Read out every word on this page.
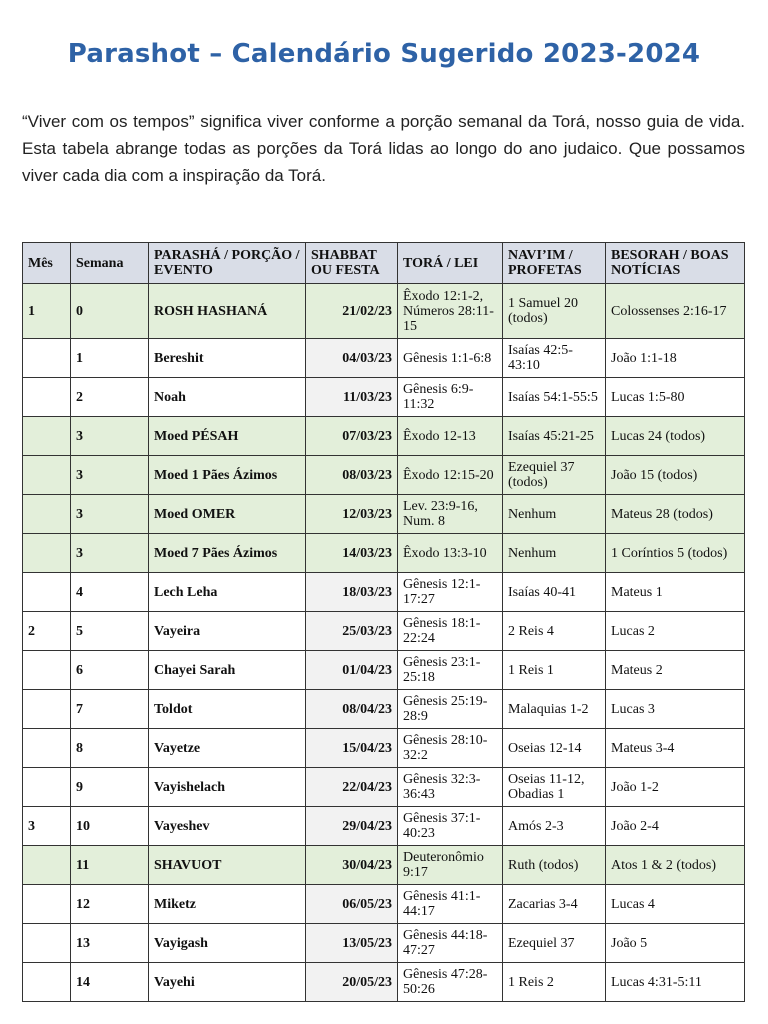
Parashot – Calendário Sugerido 2023-2024

“Viver com os tempos” significa viver conforme a porção semanal da Torá, nosso guia de vida. Esta tabela abrange todas as porções da Torá lidas ao longo do ano judaico. Que possamos viver cada dia com a inspiração da Torá.

Mês	Semana	PARASHÁ / PORÇÃO / EVENTO	SHABBAT OU FESTA	TORÁ / LEI	NAVI’IM / PROFETAS	BESORAH / BOAS NOTÍCIAS
1	0	ROSH HASHANÁ	21/02/23	Êxodo 12:1-2, Números 28:11-15	1 Samuel 20 (todos)	Colossenses 2:16-17
	1	Bereshit	04/03/23	Gênesis 1:1-6:8	Isaías 42:5-43:10	João 1:1-18
	2	Noah	11/03/23	Gênesis 6:9-11:32	Isaías 54:1-55:5	Lucas 1:5-80
	3	Moed PÉSAH	07/03/23	Êxodo 12-13	Isaías 45:21-25	Lucas 24 (todos)
	3	Moed 1 Pães Ázimos	08/03/23	Êxodo 12:15-20	Ezequiel 37 (todos)	João 15 (todos)
	3	Moed OMER	12/03/23	Lev. 23:9-16, Num. 8	Nenhum	Mateus 28 (todos)
	3	Moed 7 Pães Ázimos	14/03/23	Êxodo 13:3-10	Nenhum	1 Coríntios 5 (todos)
	4	Lech Leha	18/03/23	Gênesis 12:1-17:27	Isaías 40-41	Mateus 1
2	5	Vayeira	25/03/23	Gênesis 18:1-22:24	2 Reis 4	Lucas 2
	6	Chayei Sarah	01/04/23	Gênesis 23:1-25:18	1 Reis 1	Mateus 2
	7	Toldot	08/04/23	Gênesis 25:19-28:9	Malaquias 1-2	Lucas 3
	8	Vayetze	15/04/23	Gênesis 28:10-32:2	Oseias 12-14	Mateus 3-4
	9	Vayishelach	22/04/23	Gênesis 32:3-36:43	Oseias 11-12, Obadias 1	João 1-2
3	10	Vayeshev	29/04/23	Gênesis 37:1-40:23	Amós 2-3	João 2-4
	11	SHAVUOT	30/04/23	Deuteronômio 9:17	Ruth (todos)	Atos 1 & 2 (todos)
	12	Miketz	06/05/23	Gênesis 41:1-44:17	Zacarias 3-4	Lucas 4
	13	Vayigash	13/05/23	Gênesis 44:18-47:27	Ezequiel 37	João 5
	14	Vayehi	20/05/23	Gênesis 47:28-50:26	1 Reis 2	Lucas 4:31-5:11
